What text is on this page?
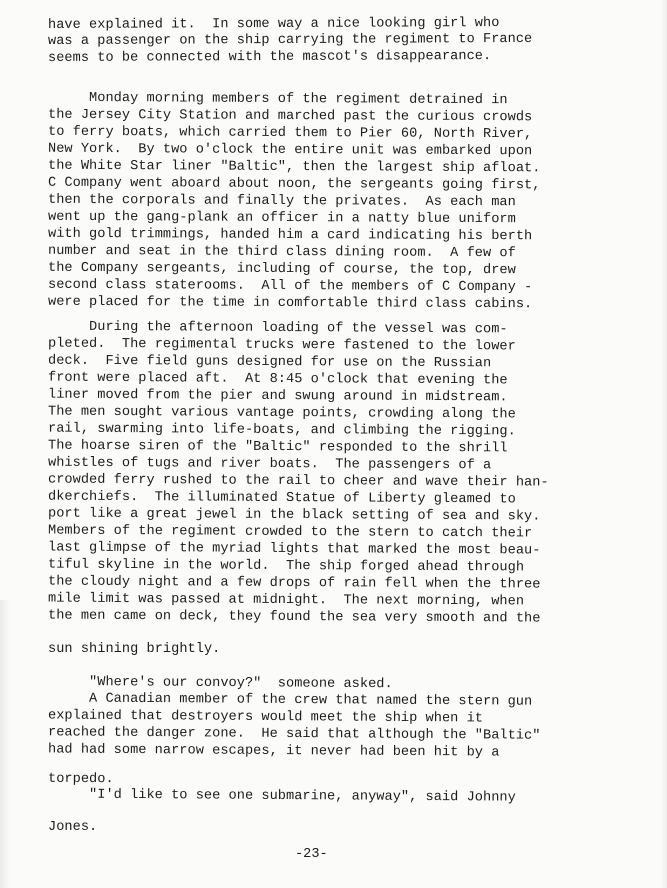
have explained it.  In some way a nice looking girl who
was a passenger on the ship carrying the regiment to France
seems to be connected with the mascot's disappearance.
Monday morning members of the regiment detrained in
the Jersey City Station and marched past the curious crowds
to ferry boats, which carried them to Pier 60, North River,
New York.  By two o'clock the entire unit was embarked upon
the White Star liner "Baltic", then the largest ship afloat.
C Company went aboard about noon, the sergeants going first,
then the corporals and finally the privates.  As each man
went up the gang-plank an officer in a natty blue uniform
with gold trimmings, handed him a card indicating his berth
number and seat in the third class dining room.  A few of
the Company sergeants, including of course, the top, drew
second class staterooms.  All of the members of C Company -
were placed for the time in comfortable third class cabins.
During the afternoon loading of the vessel was com-
pleted.  The regimental trucks were fastened to the lower
deck.  Five field guns designed for use on the Russian
front were placed aft.  At 8:45 o'clock that evening the
liner moved from the pier and swung around in midstream.
The men sought various vantage points, crowding along the
rail, swarming into life-boats, and climbing the rigging.
The hoarse siren of the "Baltic" responded to the shrill
whistles of tugs and river boats.  The passengers of a
crowded ferry rushed to the rail to cheer and wave their han-
dkerchiefs.  The illuminated Statue of Liberty gleamed to
port like a great jewel in the black setting of sea and sky.
Members of the regiment crowded to the stern to catch their
last glimpse of the myriad lights that marked the most beau-
tiful skyline in the world.  The ship forged ahead through
the cloudy night and a few drops of rain fell when the three
mile limit was passed at midnight.  The next morning, when
the men came on deck, they found the sea very smooth and the
sun shining brightly.
"Where's our convoy?"  someone asked.
A Canadian member of the crew that named the stern gun
explained that destroyers would meet the ship when it
reached the danger zone.  He said that although the "Baltic"
had had some narrow escapes, it never had been hit by a
torpedo.
"I'd like to see one submarine, anyway", said Johnny
Jones.
-23-
